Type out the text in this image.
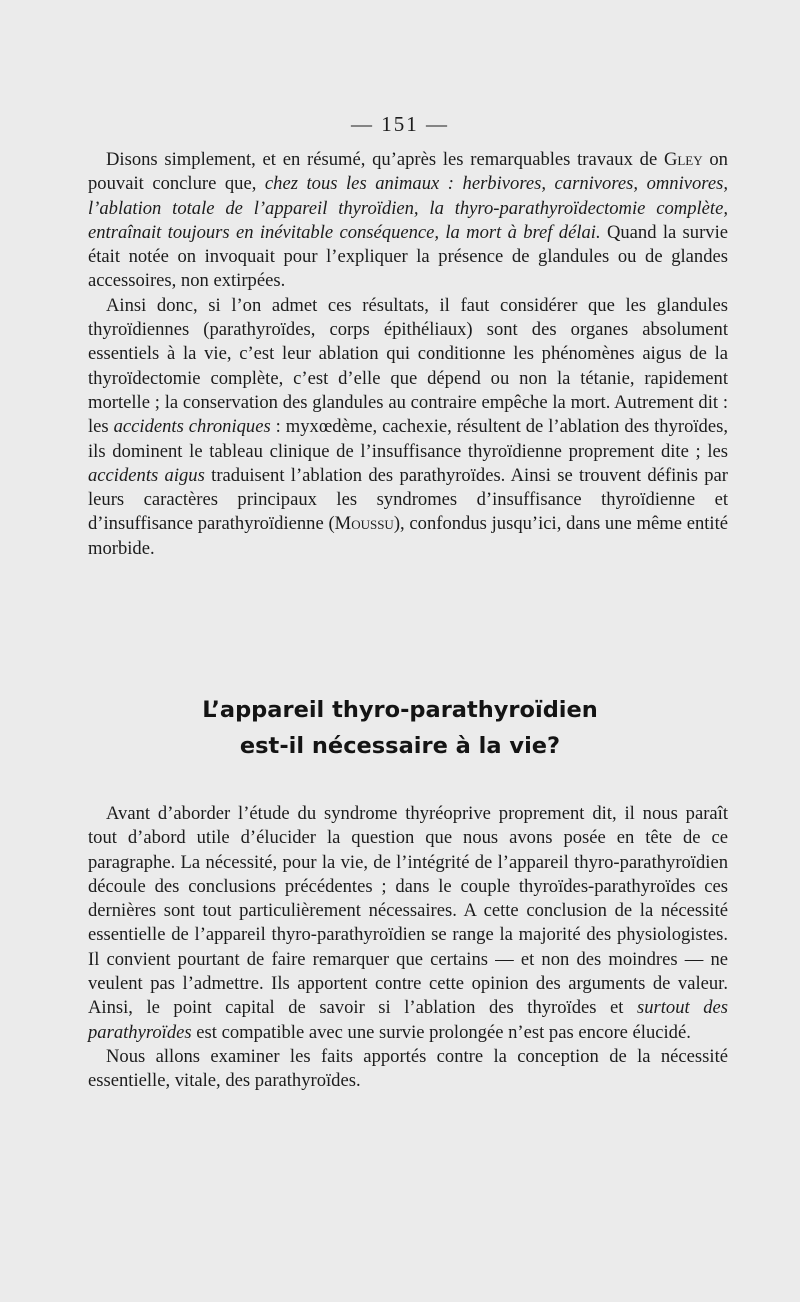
— 151 —

Disons simplement, et en résumé, qu’après les remarquables travaux de Gley on pouvait conclure que, chez tous les animaux : herbivores, carnivores, omnivores, l’ablation totale de l’appareil thyroïdien, la thyro-parathyroïdectomie complète, entraînait toujours en inévitable conséquence, la mort à bref délai. Quand la survie était notée on invoquait pour l’expliquer la présence de glandules ou de glandes accessoires, non extirpées.

Ainsi donc, si l’on admet ces résultats, il faut considérer que les glandules thyroïdiennes (parathyroïdes, corps épithéliaux) sont des organes absolument essentiels à la vie, c’est leur ablation qui conditionne les phénomènes aigus de la thyroïdectomie complète, c’est d’elle que dépend ou non la tétanie, rapidement mortelle ; la conservation des glandules au contraire empêche la mort. Autrement dit : les accidents chroniques : myxœdème, cachexie, résultent de l’ablation des thyroïdes, ils dominent le tableau clinique de l’insuffisance thyroïdienne proprement dite ; les accidents aigus traduisent l’ablation des parathyroïdes. Ainsi se trouvent définis par leurs caractères principaux les syndromes d’insuffisance thyroïdienne et d’insuffisance parathyroïdienne (Moussu), confondus jusqu’ici, dans une même entité morbide.

L’appareil thyro-parathyroïdien
est-il nécessaire à la vie?

Avant d’aborder l’étude du syndrome thyréoprive proprement dit, il nous paraît tout d’abord utile d’élucider la question que nous avons posée en tête de ce paragraphe. La nécessité, pour la vie, de l’intégrité de l’appareil thyro-parathyroïdien découle des conclusions précédentes ; dans le couple thyroïdes-parathyroïdes ces dernières sont tout particulièrement nécessaires. A cette conclusion de la nécessité essentielle de l’appareil thyro-parathyroïdien se range la majorité des physiologistes. Il convient pourtant de faire remarquer que certains — et non des moindres — ne veulent pas l’admettre. Ils apportent contre cette opinion des arguments de valeur. Ainsi, le point capital de savoir si l’ablation des thyroïdes et surtout des parathyroïdes est compatible avec une survie prolongée n’est pas encore élucidé.

Nous allons examiner les faits apportés contre la conception de la nécessité essentielle, vitale, des parathyroïdes.
